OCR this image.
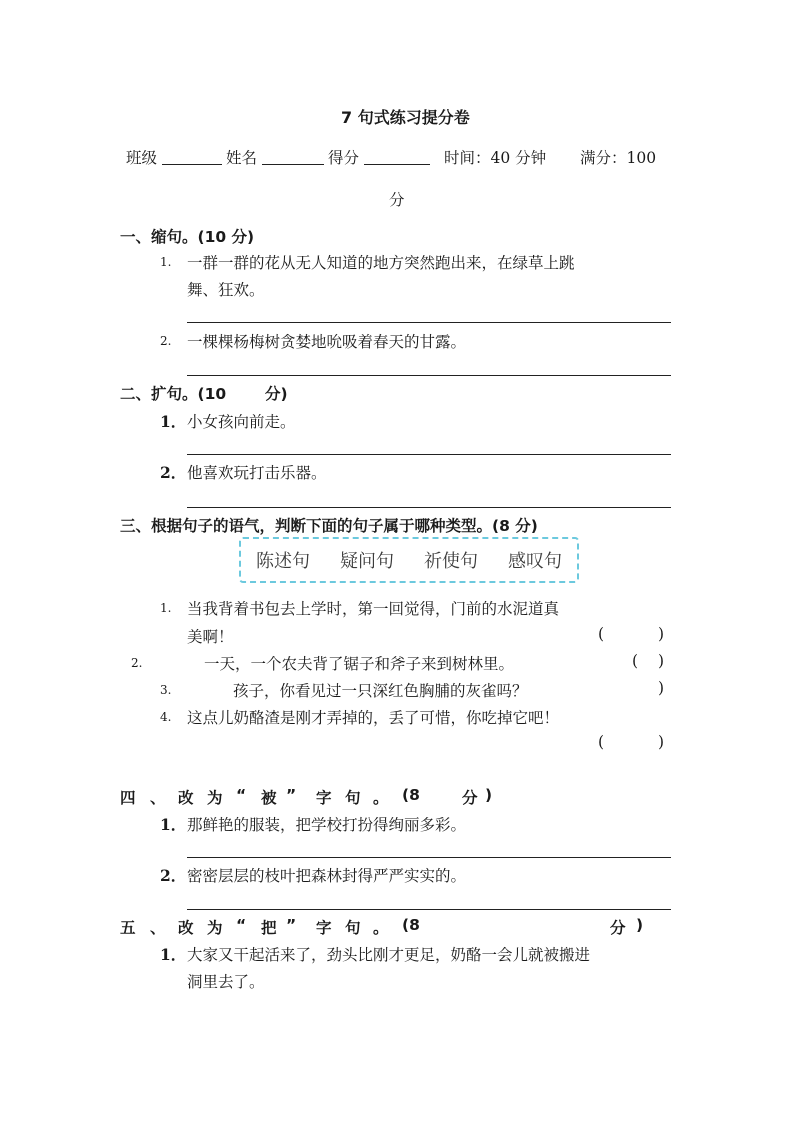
7 句式练习提分卷
班级	姓名	得分	时间：40 分钟 满分：100
分
一、缩句。(10 分)
1. 一群一群的花从无人知道的地方突然跑出来，在绿草上跳
舞、狂欢。
2. 一棵棵杨梅树贪婪地吮吸着春天的甘露。
二、扩句。(10	分)
1． 小女孩向前走。
2． 他喜欢玩打击乐器。
三、根据句子的语气，判断下面的句子属于哪种类型。(8 分)
陈述句 疑问句 祈使句 感叹句
1. 当我背着书包去上学时，第一回觉得，门前的水泥道真
美啊！	(	)
2.	一天，一个农夫背了锯子和斧子来到树林里。	( )
3.	孩子，你看见过一只深红色胸脯的灰雀吗？	)
4. 这点儿奶酪渣是刚才弄掉的，丢了可惜，你吃掉它吧！
(	)
四 、 改 为 “ 被 ” 字 句 。 (8	分 )
1． 那鲜艳的服装，把学校打扮得绚丽多彩。
2． 密密层层的枝叶把森林封得严严实实的。
五 、 改 为 “ 把 ” 字 句 。 (8	分 )
1． 大家又干起活来了，劲头比刚才更足，奶酪一会儿就被搬进
洞里去了。
